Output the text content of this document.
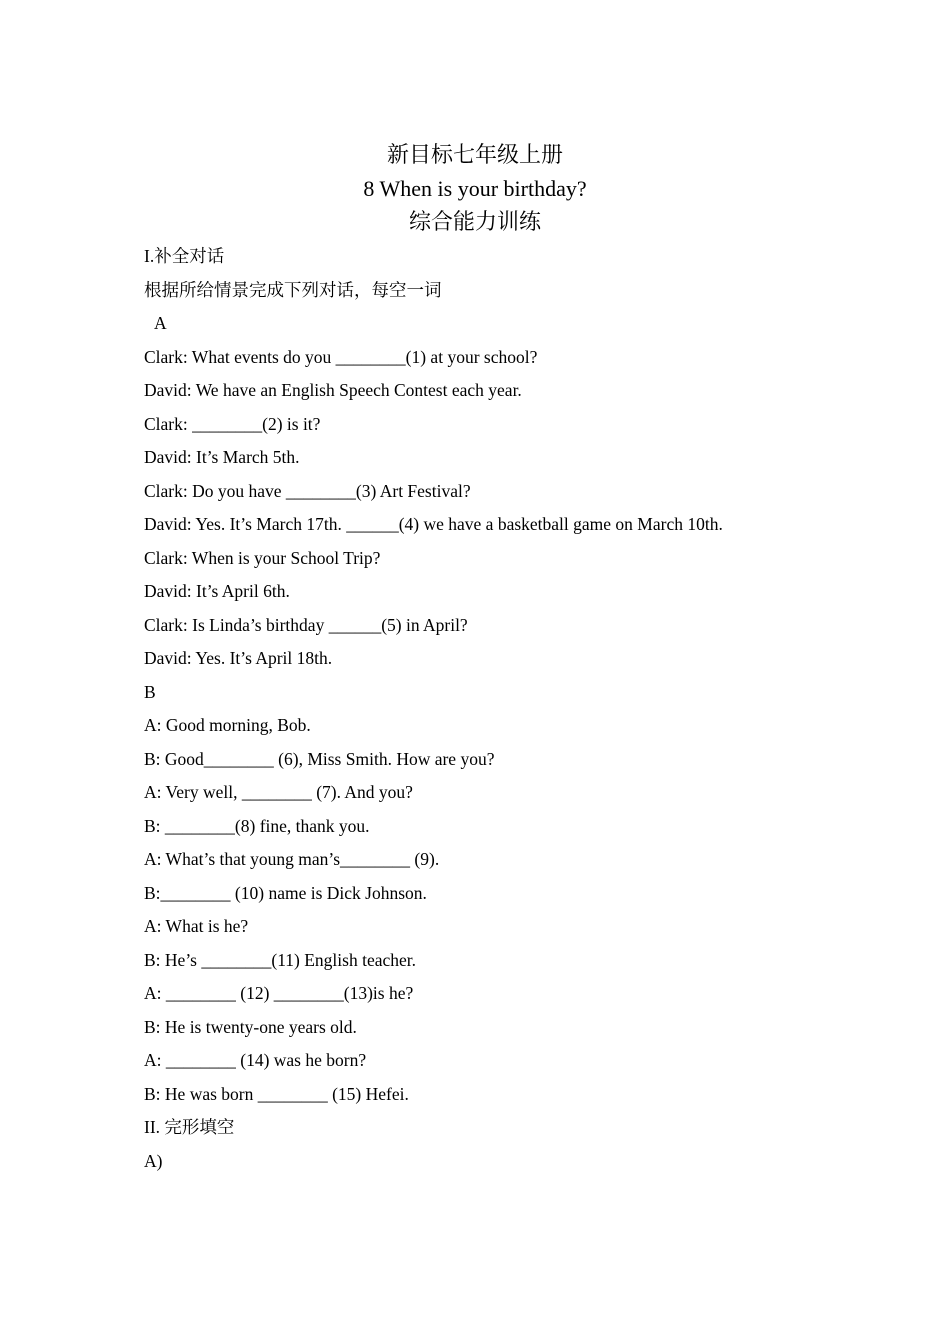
新目标七年级上册
8 When is your birthday?
综合能力训练
I.补全对话
根据所给情景完成下列对话，每空一词
A
Clark: What events do you ________(1) at your school?
David: We have an English Speech Contest each year.
Clark: ________(2) is it?
David: It’s March 5th.
Clark: Do you have ________(3) Art Festival?
David: Yes. It’s March 17th. ______(4) we have a basketball game on March 10th.
Clark: When is your School Trip?
David: It’s April 6th.
Clark: Is Linda’s birthday ______(5) in April?
David: Yes. It’s April 18th.
B
A: Good morning, Bob.
B: Good________ (6), Miss Smith. How are you?
A: Very well, ________ (7). And you?
B: ________(8) fine, thank you.
A: What’s that young man’s________ (9).
B:________ (10) name is Dick Johnson.
A: What is he?
B: He’s ________(11) English teacher.
A: ________ (12) ________(13)is he?
B: He is twenty-one years old.
A: ________ (14) was he born?
B: He was born ________ (15) Hefei.
II. 完形填空
A)
